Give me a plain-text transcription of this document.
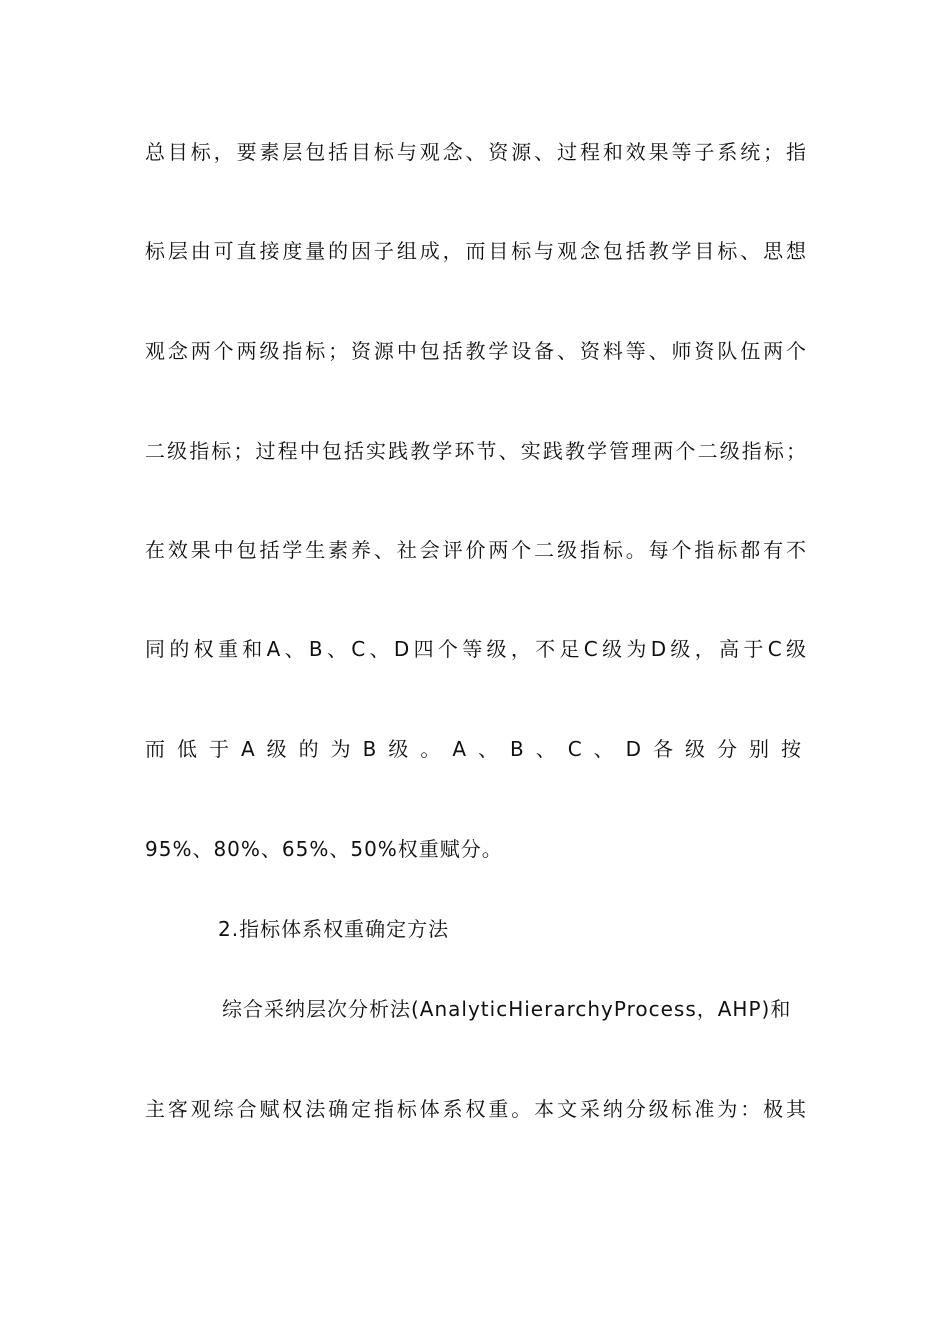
总目标，要素层包括目标与观念、资源、过程和效果等子系统；指
标层由可直接度量的因子组成，而目标与观念包括教学目标、思想
观念两个两级指标；资源中包括教学设备、资料等、师资队伍两个
二级指标；过程中包括实践教学环节、实践教学管理两个二级指标；
在效果中包括学生素养、社会评价两个二级指标。每个指标都有不
同的权重和A、B、C、D四个等级，不足C级为D级，高于C级
而低于A级的为B级。A、B、C、D各级分别按
95%、80%、65%、50%权重赋分。
2.指标体系权重确定方法
综合采纳层次分析法(AnalyticHierarchyProcess，AHP)和
主客观综合赋权法确定指标体系权重。本文采纳分级标准为：极其
